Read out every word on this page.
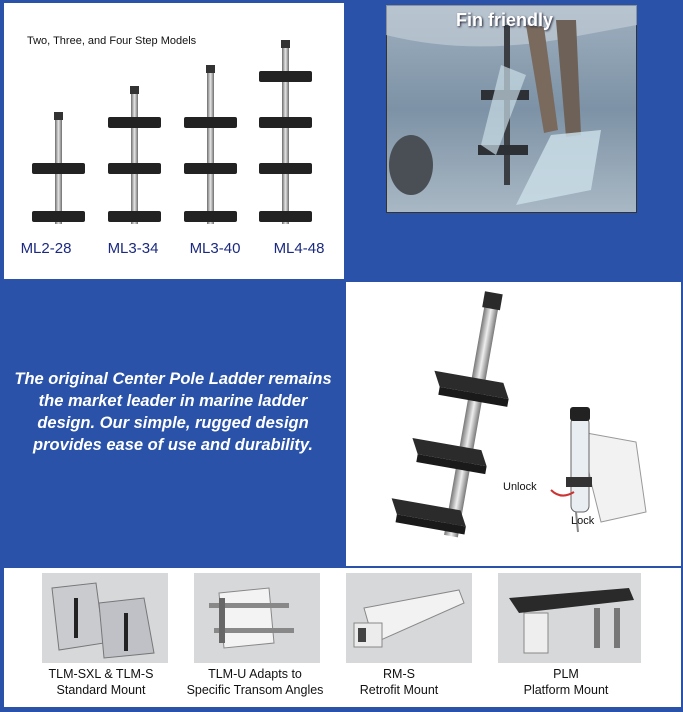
Two, Three, and Four Step Models
ML2-28	ML3-34	ML3-40	ML4-48
Fin friendly
The original Center Pole Ladder remains the market leader in marine ladder design. Our simple, rugged design provides ease of use and durability.
Unlock
Lock
TLM-SXL & TLM-S
Standard Mount
TLM-U Adapts to
Specific Transom Angles
RM-S
Retrofit Mount
PLM
Platform Mount
